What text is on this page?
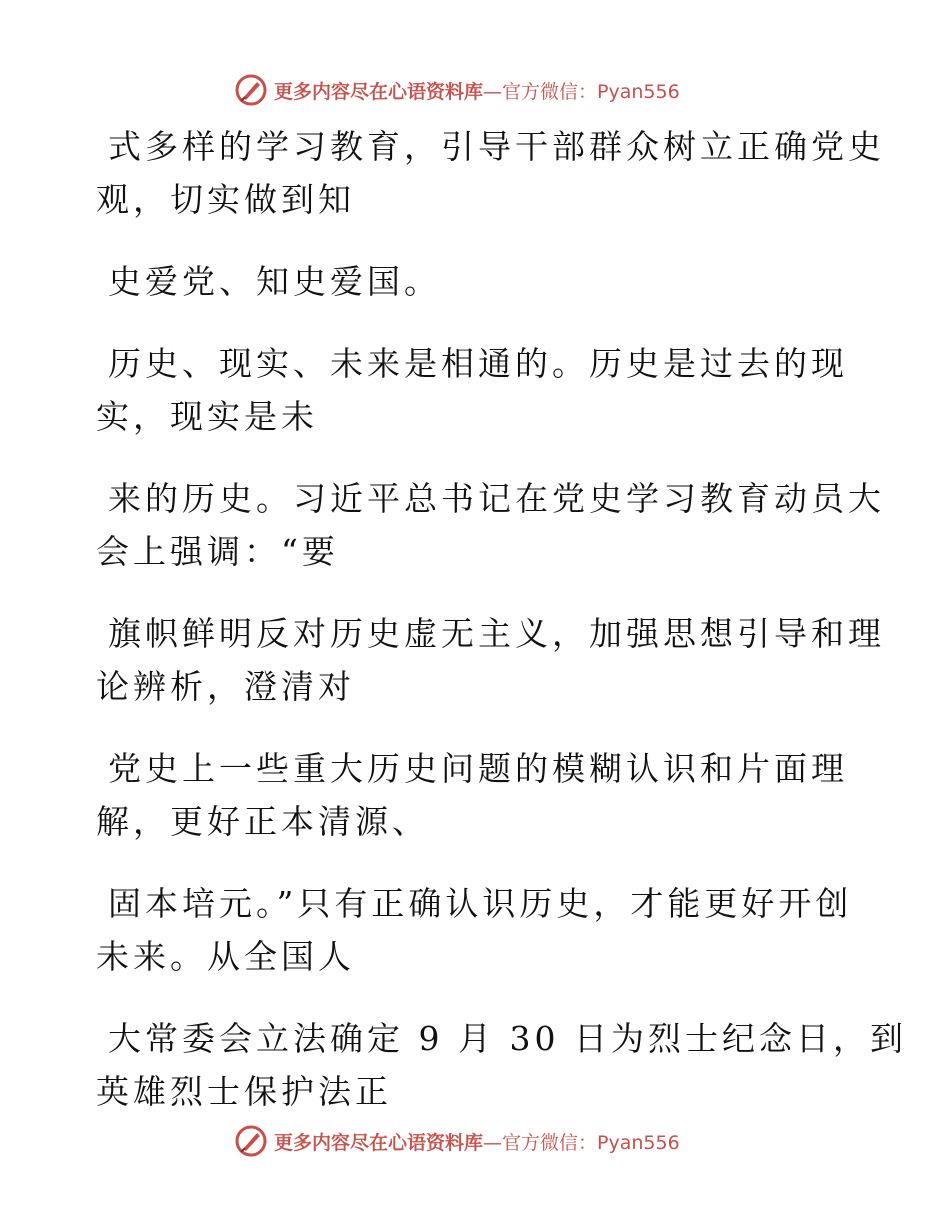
更多内容尽在心语资料库—官方微信：Pyan556

式多样的学习教育，引导干部群众树立正确党史
观，切实做到知

史爱党、知史爱国。

历史、现实、未来是相通的。历史是过去的现
实，现实是未

来的历史。习近平总书记在党史学习教育动员大
会上强调：“要

旗帜鲜明反对历史虚无主义，加强思想引导和理
论辨析，澄清对

党史上一些重大历史问题的模糊认识和片面理
解，更好正本清源、

固本培元。”只有正确认识历史，才能更好开创
未来。从全国人

大常委会立法确定 9 月 30 日为烈士纪念日，到
英雄烈士保护法正

更多内容尽在心语资料库—官方微信：Pyan556
